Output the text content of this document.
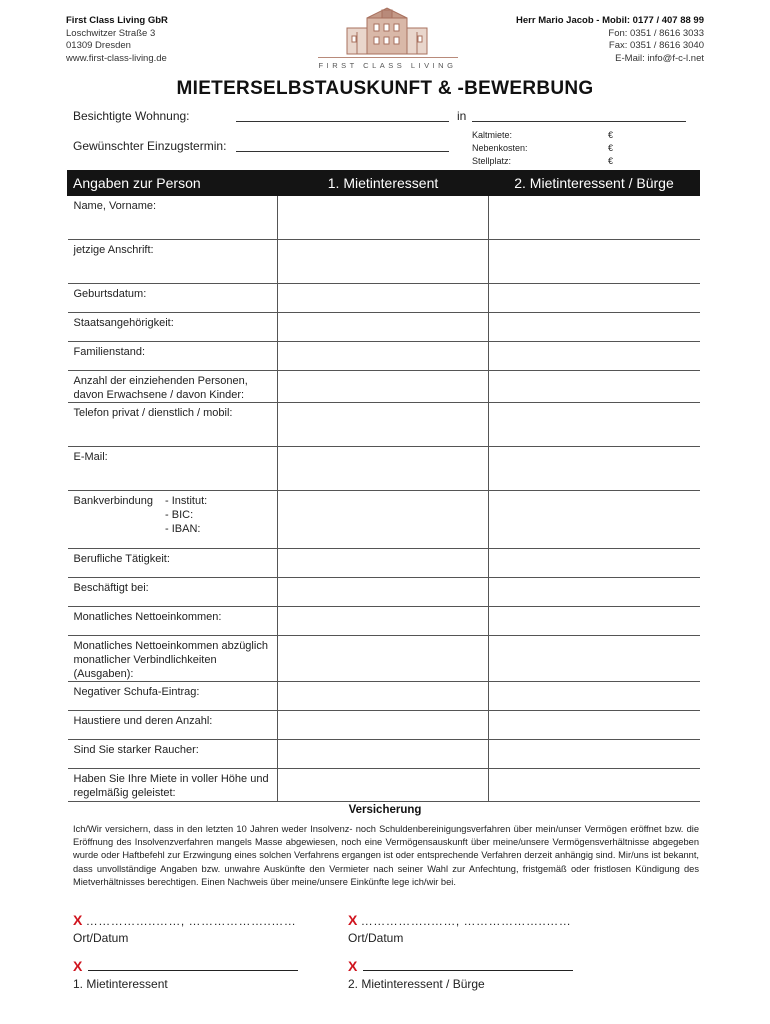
First Class Living GbR
Loschwitzer Straße 3
01309 Dresden
www.first-class-living.de
FIRST CLASS LIVING
Herr Mario Jacob - Mobil: 0177 / 407 88 99
Fon: 0351 / 8616 3033
Fax: 0351 / 8616 3040
E-Mail: info@f-c-l.net
MIETERSELBSTAUSKUNFT & -BEWERBUNG
Besichtigte Wohnung:	in
Gewünschter Einzugstermin:
Kaltmiete:	€
Nebenkosten:	€
Stellplatz:	€
Angaben zur Person	1. Mietinteressent	2. Mietinteressent / Bürge
Name, Vorname:		
jetzige Anschrift:		
Geburtsdatum:		
Staatsangehörigkeit:		
Familienstand:		
Anzahl der einziehenden Personen, davon Erwachsene / davon Kinder:		
Telefon privat / dienstlich / mobil:		
E-Mail:		
Bankverbindung - Institut:
- BIC:
- IBAN:		
Berufliche Tätigkeit:		
Beschäftigt bei:		
Monatliches Nettoeinkommen:		
Monatliches Nettoeinkommen abzüglich monatlicher Verbindlichkeiten (Ausgaben):		
Negativer Schufa-Eintrag:		
Haustiere und deren Anzahl:		
Sind Sie starker Raucher:		
Haben Sie Ihre Miete in voller Höhe und regelmäßig geleistet:		
Versicherung
Ich/Wir versichern, dass in den letzten 10 Jahren weder Insolvenz- noch Schuldenbereinigungsverfahren über mein/unser Vermögen eröffnet bzw. die Eröffnung des Insolvenzverfahren mangels Masse abgewiesen, noch eine Vermögensauskunft über meine/unsere Vermögensverhältnisse abgegeben wurde oder Haftbefehl zur Erzwingung eines solchen Verfahrens ergangen ist oder entsprechende Verfahren derzeit anhängig sind. Mir/uns ist bekannt, dass unvollständige Angaben bzw. unwahre Auskünfte den Vermieter nach seiner Wahl zur Anfechtung, fristgemäß oder fristlosen Kündigung des Mietverhältnisses berechtigen. Einen Nachweis über meine/unsere Einkünfte lege ich/wir bei.
X ……………..……, ………………..……
Ort/Datum
X ……………..……, ………………..……
Ort/Datum
X
1. Mietinteressent
X
2. Mietinteressent / Bürge
